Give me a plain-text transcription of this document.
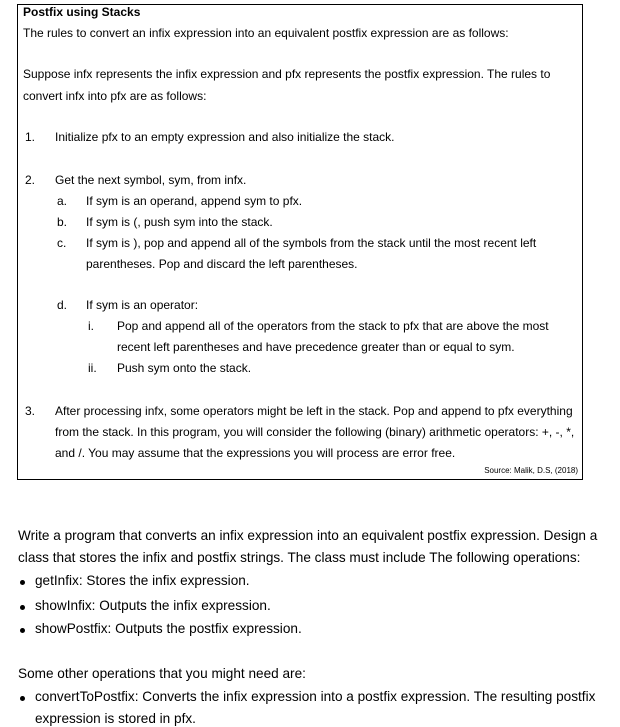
Postfix using Stacks
The rules to convert an infix expression into an equivalent postfix expression are as follows:
Suppose infx represents the infix expression and pfx represents the postfix expression. The rules to
convert infx into pfx are as follows:
1. Initialize pfx to an empty expression and also initialize the stack.
2. Get the next symbol, sym, from infx.
a. If sym is an operand, append sym to pfx.
b. If sym is (, push sym into the stack.
c. If sym is ), pop and append all of the symbols from the stack until the most recent left
parentheses. Pop and discard the left parentheses.
d. If sym is an operator:
i. Pop and append all of the operators from the stack to pfx that are above the most
recent left parentheses and have precedence greater than or equal to sym.
ii. Push sym onto the stack.
3. After processing infx, some operators might be left in the stack. Pop and append to pfx everything
from the stack. In this program, you will consider the following (binary) arithmetic operators: +, -, *,
and /. You may assume that the expressions you will process are error free.
Source: Malik, D.S, (2018)
Write a program that converts an infix expression into an equivalent postfix expression. Design a
class that stores the infix and postfix strings. The class must include The following operations:
getInfix: Stores the infix expression.
showInfix: Outputs the infix expression.
showPostfix: Outputs the postfix expression.
Some other operations that you might need are:
convertToPostfix: Converts the infix expression into a postfix expression. The resulting postfix
expression is stored in pfx.
